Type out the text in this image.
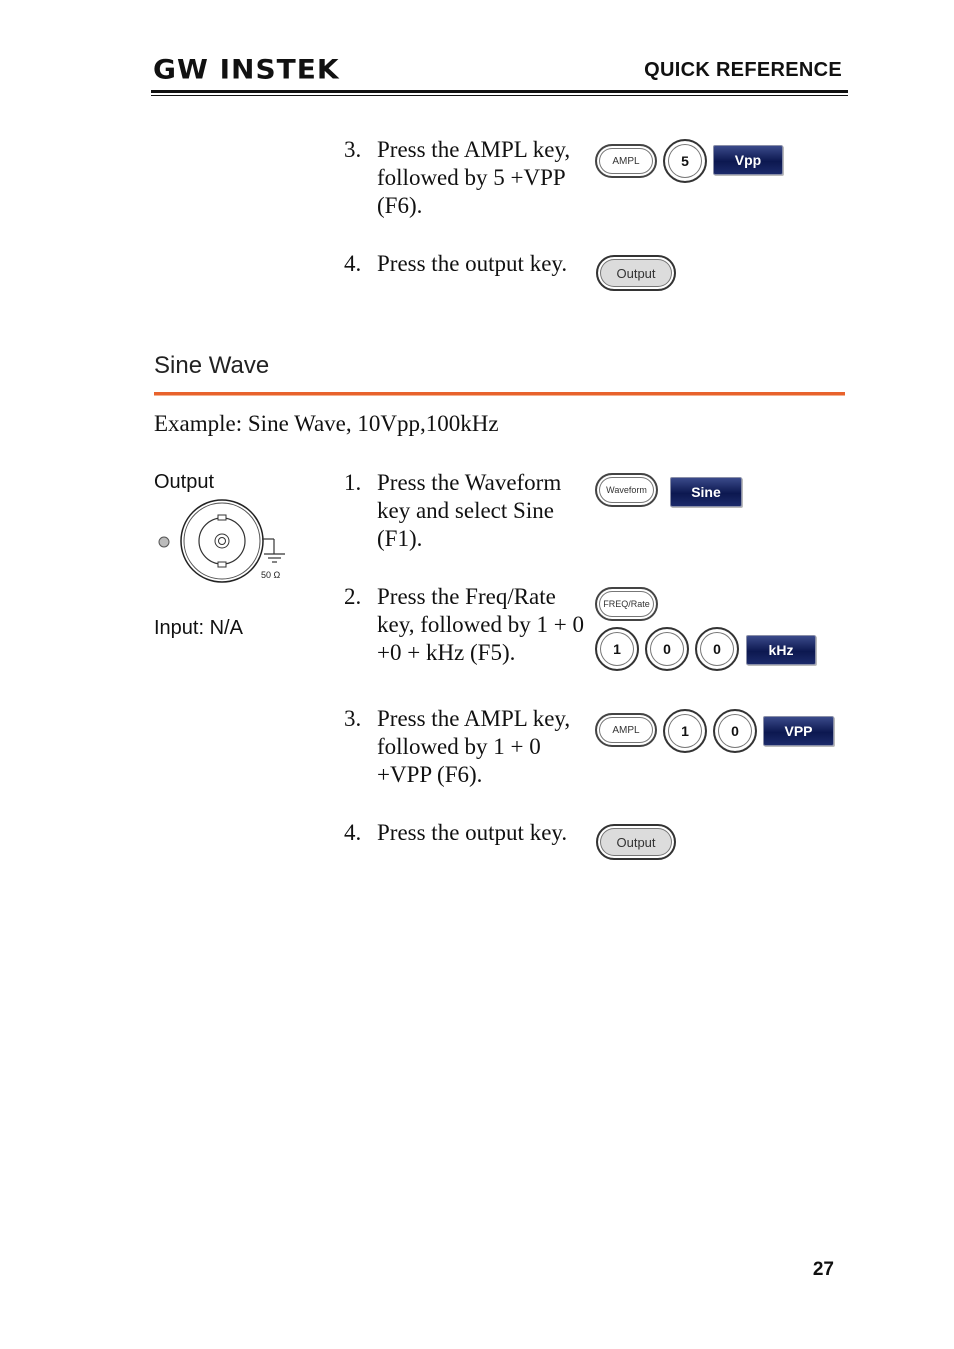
GW INSTEK	QUICK REFERENCE
3. Press the AMPL key, followed by 5 +VPP (F6).
AMPL	5	Vpp
4. Press the output key.	Output
Sine Wave
Example: Sine Wave, 10Vpp,100kHz
Output
50 Ω
Input: N/A
1. Press the Waveform key and select Sine (F1).
Waveform	Sine
2. Press the Freq/Rate key, followed by 1 + 0 +0 + kHz (F5).
FREQ/Rate
1	0	0	kHz
3. Press the AMPL key, followed by 1 + 0 +VPP (F6).
AMPL	1	0	VPP
4. Press the output key.	Output
27
